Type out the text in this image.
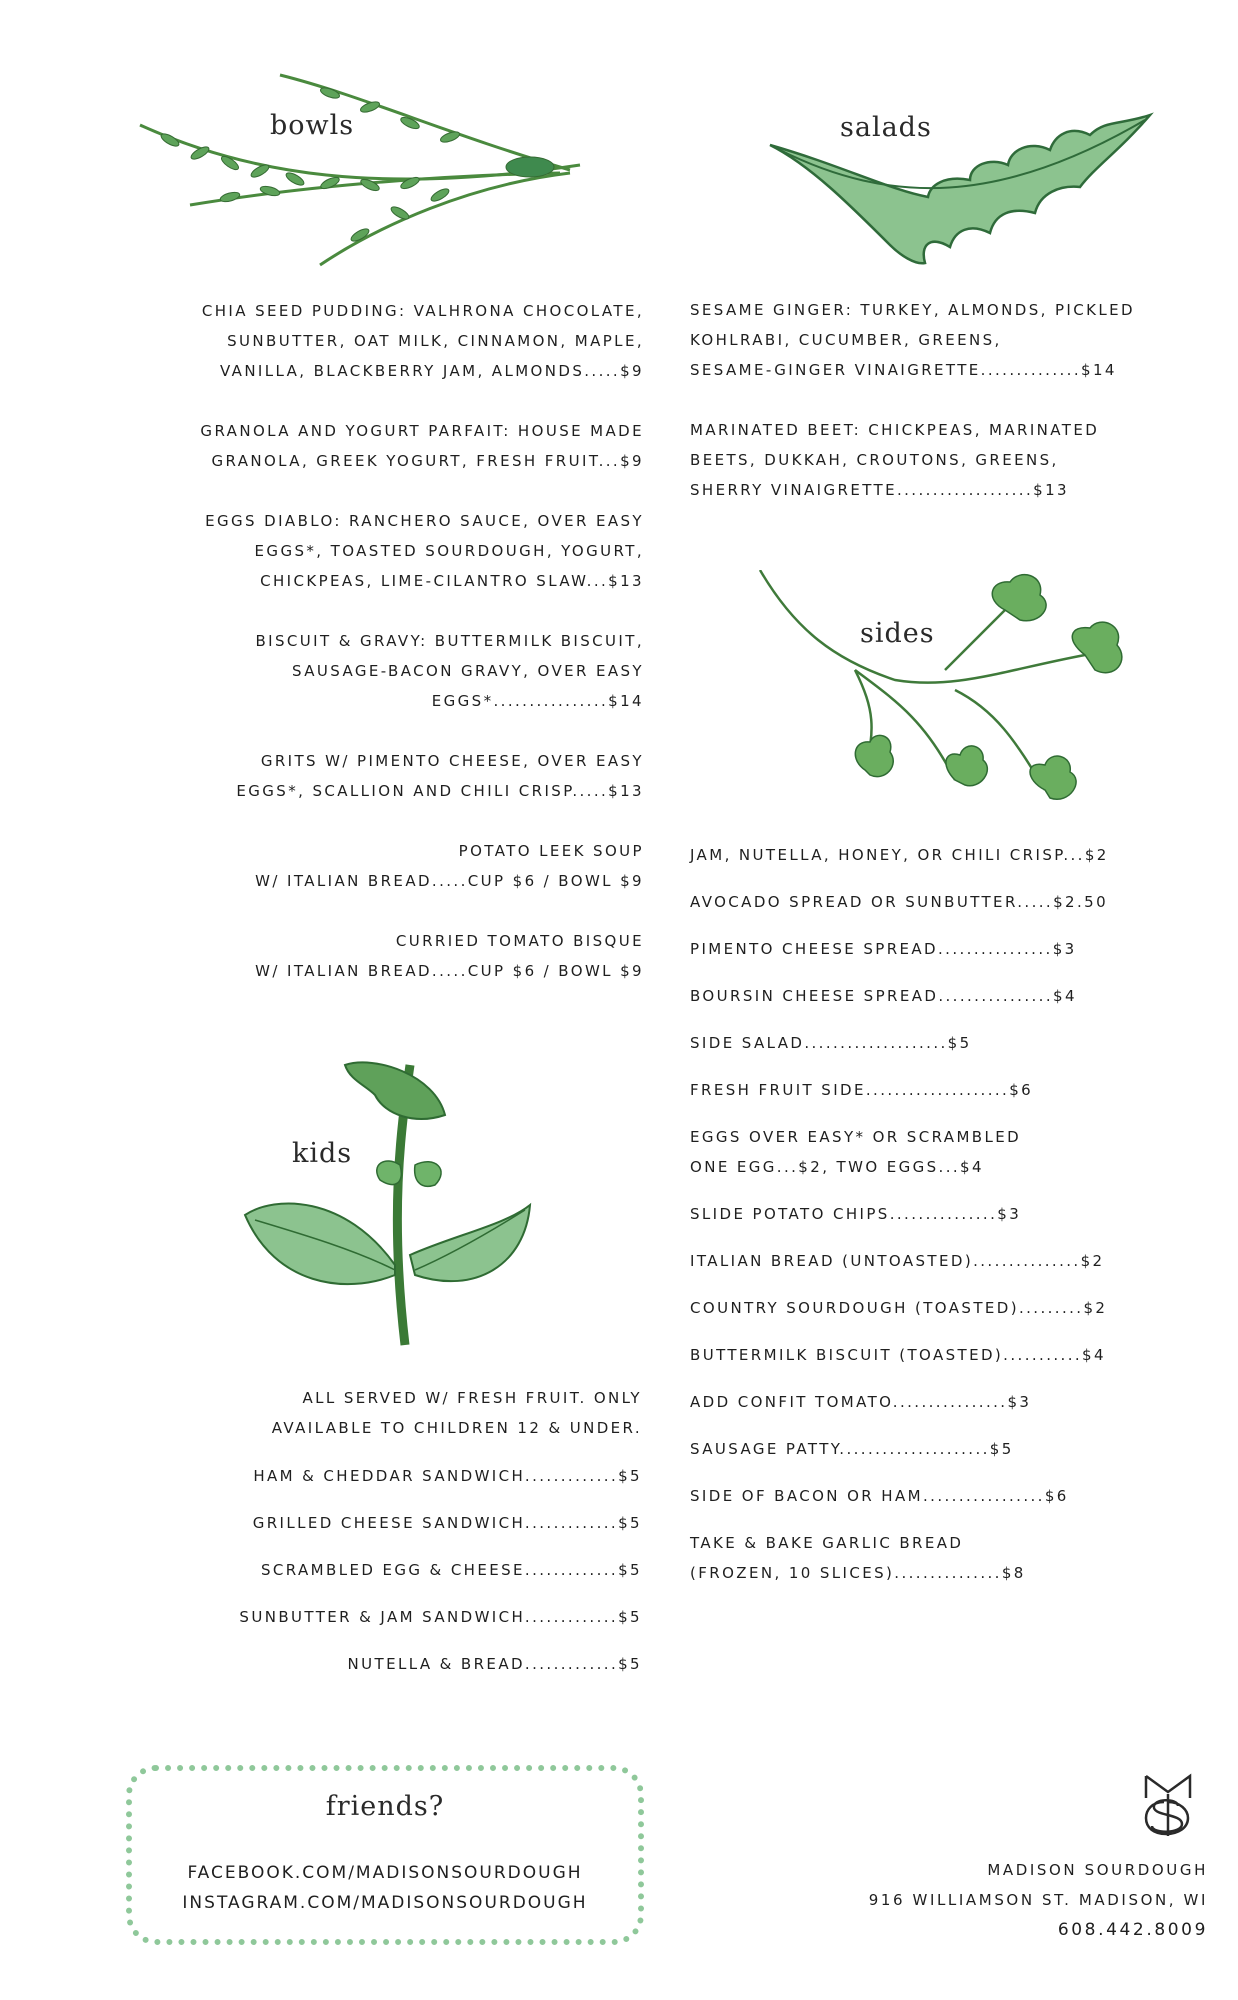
bowls	salads
sides
kids
CHIA SEED PUDDING: VALHRONA CHOCOLATE,
SUNBUTTER, OAT MILK, CINNAMON, MAPLE,
VANILLA, BLACKBERRY JAM, ALMONDS.....$9
GRANOLA AND YOGURT PARFAIT: HOUSE MADE
GRANOLA, GREEK YOGURT, FRESH FRUIT...$9
EGGS DIABLO: RANCHERO SAUCE, OVER EASY
EGGS*, TOASTED SOURDOUGH, YOGURT,
CHICKPEAS, LIME-CILANTRO SLAW...$13
BISCUIT & GRAVY: BUTTERMILK BISCUIT,
SAUSAGE-BACON GRAVY, OVER EASY
EGGS*................$14
GRITS W/ PIMENTO CHEESE, OVER EASY
EGGS*, SCALLION AND CHILI CRISP.....$13
POTATO LEEK SOUP
W/ ITALIAN BREAD.....CUP $6 / BOWL $9
CURRIED TOMATO BISQUE
W/ ITALIAN BREAD.....CUP $6 / BOWL $9
SESAME GINGER: TURKEY, ALMONDS, PICKLED
KOHLRABI, CUCUMBER, GREENS,
SESAME-GINGER VINAIGRETTE..............$14
MARINATED BEET: CHICKPEAS, MARINATED
BEETS, DUKKAH, CROUTONS, GREENS,
SHERRY VINAIGRETTE...................$13
JAM, NUTELLA, HONEY, OR CHILI CRISP...$2
AVOCADO SPREAD OR SUNBUTTER.....$2.50
PIMENTO CHEESE SPREAD................$3
BOURSIN CHEESE SPREAD................$4
SIDE SALAD....................$5
FRESH FRUIT SIDE....................$6
EGGS OVER EASY* OR SCRAMBLED
ONE EGG...$2, TWO EGGS...$4
SLIDE POTATO CHIPS...............$3
ITALIAN BREAD (UNTOASTED)...............$2
COUNTRY SOURDOUGH (TOASTED).........$2
BUTTERMILK BISCUIT (TOASTED)...........$4
ADD CONFIT TOMATO................$3
SAUSAGE PATTY.....................$5
SIDE OF BACON OR HAM.................$6
TAKE & BAKE GARLIC BREAD
(FROZEN, 10 SLICES)...............$8
ALL SERVED W/ FRESH FRUIT. ONLY
AVAILABLE TO CHILDREN 12 & UNDER.
HAM & CHEDDAR SANDWICH.............$5
GRILLED CHEESE SANDWICH.............$5
SCRAMBLED EGG & CHEESE.............$5
SUNBUTTER & JAM SANDWICH.............$5
NUTELLA & BREAD.............$5
friends?
FACEBOOK.COM/MADISONSOURDOUGH
INSTAGRAM.COM/MADISONSOURDOUGH
MADISON SOURDOUGH
916 WILLIAMSON ST. MADISON, WI
608.442.8009
